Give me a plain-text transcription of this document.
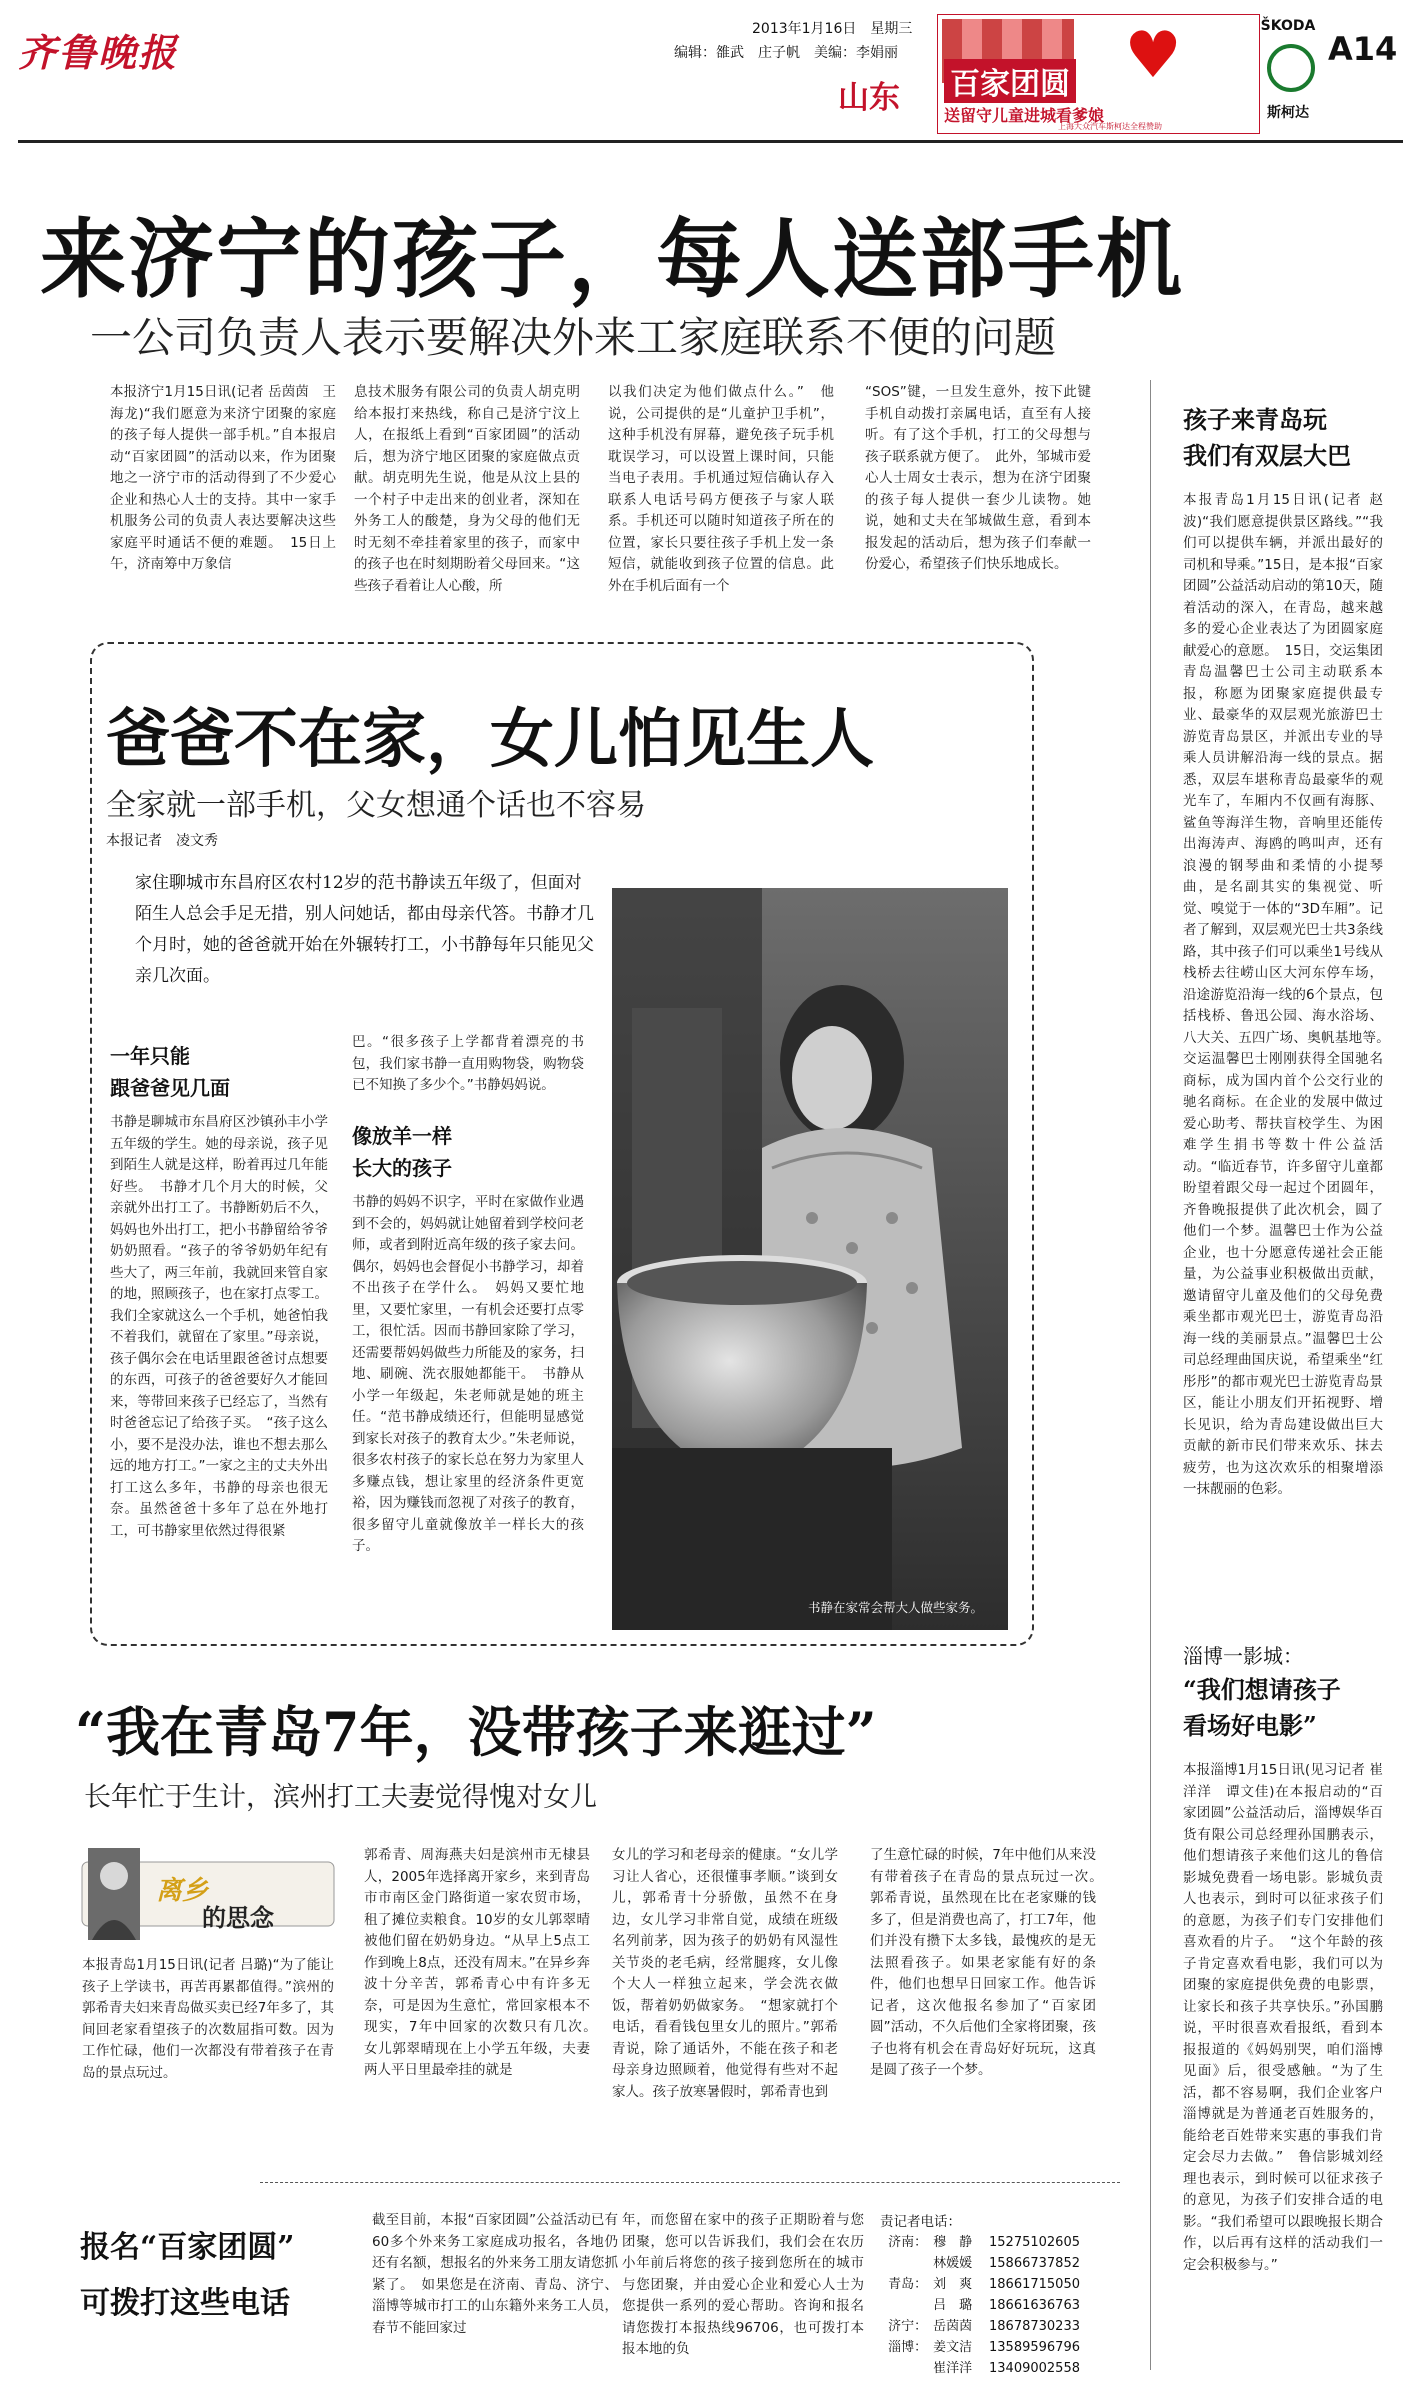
齐鲁晚报
2013年1月16日　星期三
编辑：雒武　庄子帆　美编：李娟丽
山东 百家团圆 ♥
送留守儿童进城看爹娘
上海大众汽车斯柯达全程赞助
ŠKODA
斯柯达
A14
来济宁的孩子，每人送部手机
一公司负责人表示要解决外来工家庭联系不便的问题
本报济宁1月15日讯(记者 岳茵茵　王海龙)“我们愿意为来济宁团聚的家庭的孩子每人提供一部手机。”自本报启动“百家团圆”的活动以来，作为团聚地之一济宁市的活动得到了不少爱心企业和热心人士的支持。其中一家手机服务公司的负责人表达要解决这些家庭平时通话不便的难题。　15日上午，济南筹中万象信
息技术服务有限公司的负责人胡克明给本报打来热线，称自己是济宁汶上人，在报纸上看到“百家团圆”的活动后，想为济宁地区团聚的家庭做点贡献。胡克明先生说，他是从汶上县的一个村子中走出来的创业者，深知在外务工人的酸楚，身为父母的他们无时无刻不牵挂着家里的孩子，而家中的孩子也在时刻期盼着父母回来。“这些孩子看着让人心酸，所
以我们决定为他们做点什么。”　他说，公司提供的是“儿童护卫手机”，这种手机没有屏幕，避免孩子玩手机耽误学习，可以设置上课时间，只能当电子表用。手机通过短信确认存入联系人电话号码方便孩子与家人联系。手机还可以随时知道孩子所在的位置，家长只要往孩子手机上发一条短信，就能收到孩子位置的信息。此外在手机后面有一个
“SOS”键，一旦发生意外，按下此键手机自动拨打亲属电话，直至有人接听。有了这个手机，打工的父母想与孩子联系就方便了。　此外，邹城市爱心人士周女士表示，想为在济宁团聚的孩子每人提供一套少儿读物。她说，她和丈夫在邹城做生意，看到本报发起的活动后，想为孩子们奉献一份爱心，希望孩子们快乐地成长。
孩子来青岛玩
我们有双层大巴
本报青岛1月15日讯(记者 赵波)“我们愿意提供景区路线。”“我们可以提供车辆，并派出最好的司机和导乘。”15日，是本报“百家团圆”公益活动启动的第10天，随着活动的深入，在青岛，越来越多的爱心企业表达了为团圆家庭献爱心的意愿。　15日，交运集团青岛温馨巴士公司主动联系本报，称愿为团聚家庭提供最专业、最豪华的双层观光旅游巴士游览青岛景区，并派出专业的导乘人员讲解沿海一线的景点。据悉，双层车堪称青岛最豪华的观光车了，车厢内不仅画有海豚、鲨鱼等海洋生物，音响里还能传出海涛声、海鸥的鸣叫声，还有浪漫的钢琴曲和柔情的小提琴曲，是名副其实的集视觉、听觉、嗅觉于一体的“3D车厢”。记者了解到，双层观光巴士共3条线路，其中孩子们可以乘坐1号线从栈桥去往崂山区大河东停车场，沿途游览沿海一线的6个景点，包括栈桥、鲁迅公园、海水浴场、八大关、五四广场、奥帆基地等。　交运温馨巴士刚刚获得全国驰名商标，成为国内首个公交行业的驰名商标。在企业的发展中做过爱心助考、帮扶盲校学生、为困难学生捐书等数十件公益活动。“临近春节，许多留守儿童都盼望着跟父母一起过个团圆年，齐鲁晚报提供了此次机会，圆了他们一个梦。温馨巴士作为公益企业，也十分愿意传递社会正能量，为公益事业积极做出贡献，邀请留守儿童及他们的父母免费乘坐都市观光巴士，游览青岛沿海一线的美丽景点。”温馨巴士公司总经理曲国庆说，希望乘坐“红彤彤”的都市观光巴士游览青岛景区，能让小朋友们开拓视野、增长见识，给为青岛建设做出巨大贡献的新市民们带来欢乐、抹去疲劳，也为这次欢乐的相聚增添一抹靓丽的色彩。
淄博一影城：
“我们想请孩子
看场好电影”
本报淄博1月15日讯(见习记者 崔洋洋　谭文佳)在本报启动的“百家团圆”公益活动后，淄博娱华百货有限公司总经理孙国鹏表示，他们想请孩子来他们这儿的鲁信影城免费看一场电影。影城负责人也表示，到时可以征求孩子们的意愿，为孩子们专门安排他们喜欢看的片子。　“这个年龄的孩子肯定喜欢看电影，我们可以为团聚的家庭提供免费的电影票，让家长和孩子共享快乐。”孙国鹏说，平时很喜欢看报纸，看到本报报道的《妈妈别哭，咱们淄博见面》后，很受感触。“为了生活，都不容易啊，我们企业客户淄博就是为普通老百姓服务的，能给老百姓带来实惠的事我们肯定会尽力去做。”　鲁信影城刘经理也表示，到时候可以征求孩子的意见，为孩子们安排合适的电影。“我们希望可以跟晚报长期合作，以后再有这样的活动我们一定会积极参与。”
爸爸不在家，女儿怕见生人
全家就一部手机，父女想通个话也不容易
本报记者　凌文秀
家住聊城市东昌府区农村12岁的范书静读五年级了，但面对陌生人总会手足无措，别人问她话，都由母亲代答。书静才几个月时，她的爸爸就开始在外辗转打工，小书静每年只能见父亲几次面。
书静在家常会帮大人做些家务。
一年只能
跟爸爸见几面
书静是聊城市东昌府区沙镇孙丰小学五年级的学生。她的母亲说，孩子见到陌生人就是这样，盼着再过几年能好些。　书静才几个月大的时候，父亲就外出打工了。书静断奶后不久，妈妈也外出打工，把小书静留给爷爷奶奶照看。“孩子的爷爷奶奶年纪有些大了，两三年前，我就回来管自家的地，照顾孩子，也在家打点零工。我们全家就这么一个手机，她爸怕我不着我们，就留在了家里。”母亲说，孩子偶尔会在电话里跟爸爸讨点想要的东西，可孩子的爸爸要好久才能回来，等带回来孩子已经忘了，当然有时爸爸忘记了给孩子买。　“孩子这么小，要不是没办法，谁也不想去那么远的地方打工。”一家之主的丈夫外出打工这么多年，书静的母亲也很无奈。虽然爸爸十多年了总在外地打工，可书静家里依然过得很紧
巴。“很多孩子上学都背着漂亮的书包，我们家书静一直用购物袋，购物袋已不知换了多少个。”书静妈妈说。
像放羊一样
长大的孩子
书静的妈妈不识字，平时在家做作业遇到不会的，妈妈就让她留着到学校问老师，或者到附近高年级的孩子家去问。偶尔，妈妈也会督促小书静学习，却着不出孩子在学什么。　妈妈又要忙地里，又要忙家里，一有机会还要打点零工，很忙活。因而书静回家除了学习，还需要帮妈妈做些力所能及的家务，扫地、刷碗、洗衣服她都能干。　书静从小学一年级起，朱老师就是她的班主任。“范书静成绩还行，但能明显感觉到家长对孩子的教育太少。”朱老师说，很多农村孩子的家长总在努力为家里人多赚点钱，想让家里的经济条件更宽裕，因为赚钱而忽视了对孩子的教育，很多留守儿童就像放羊一样长大的孩子。
“我在青岛7年，没带孩子来逛过”
长年忙于生计，滨州打工夫妻觉得愧对女儿
离乡
的思念
本报青岛1月15日讯(记者 吕璐)“为了能让孩子上学读书，再苦再累都值得。”滨州的郭希青夫妇来青岛做买卖已经7年多了，其间回老家看望孩子的次数屈指可数。因为工作忙碌，他们一次都没有带着孩子在青岛的景点玩过。
郭希青、周海燕夫妇是滨州市无棣县人，2005年选择离开家乡，来到青岛市市南区金门路街道一家农贸市场，租了摊位卖粮食。10岁的女儿郭翠晴被他们留在奶奶身边。“从早上5点工作到晚上8点，还没有周末。”在异乡奔波十分辛苦，郭希青心中有许多无奈，可是因为生意忙，常回家根本不现实，7年中回家的次数只有几次。　女儿郭翠晴现在上小学五年级，夫妻两人平日里最牵挂的就是
女儿的学习和老母亲的健康。“女儿学习让人省心，还很懂事孝顺。”谈到女儿，郭希青十分骄傲，虽然不在身边，女儿学习非常自觉，成绩在班级名列前茅，因为孩子的奶奶有风湿性关节炎的老毛病，经常腿疼，女儿像个大人一样独立起来，学会洗衣做饭，帮着奶奶做家务。　“想家就打个电话，看看钱包里女儿的照片。”郭希青说，除了通话外，不能在孩子和老母亲身边照顾着，他觉得有些对不起家人。孩子放寒暑假时，郭希青也到
了生意忙碌的时候，7年中他们从来没有带着孩子在青岛的景点玩过一次。　郭希青说，虽然现在比在老家赚的钱多了，但是消费也高了，打工7年，他们并没有攒下太多钱，最愧疚的是无法照看孩子。如果老家能有好的条件，他们也想早日回家工作。他告诉记者，这次他报名参加了“百家团圆”活动，不久后他们全家将团聚，孩子也将有机会在青岛好好玩玩，这真是圆了孩子一个梦。
报名“百家团圆”
可拨打这些电话
截至目前，本报“百家团圆”公益活动已有60多个外来务工家庭成功报名，各地仍还有名额，想报名的外来务工朋友请您抓紧了。　如果您是在济南、青岛、济宁、淄博等城市打工的山东籍外来务工人员，春节不能回家过
年，而您留在家中的孩子正期盼着与您团聚，您可以告诉我们，我们会在农历小年前后将您的孩子接到您所在的城市与您团聚，并由爱心企业和爱心人士为您提供一系列的爱心帮助。咨询和报名请您拨打本报热线96706，也可拨打本报本地的负
责记者电话：
济南： 穆　静	15275102605
林媛媛	15866737852
青岛： 刘　爽	18661715050
吕　璐	18661636763
济宁： 岳茵茵	18678730233
淄博： 姜文洁	13589596796
崔洋洋	13409002558
